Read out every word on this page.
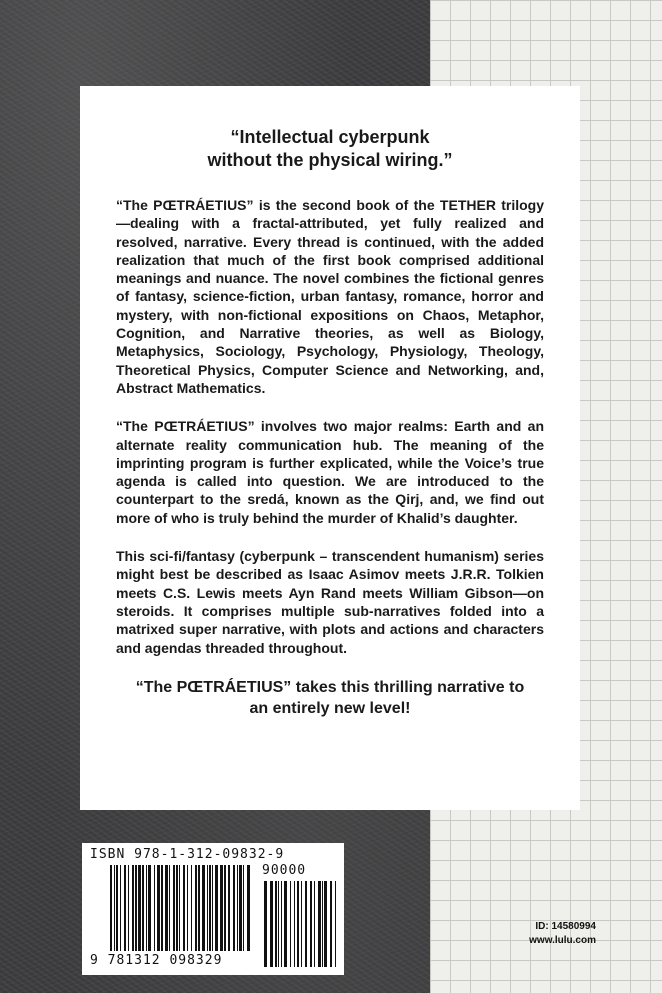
“Intellectual cyberpunk
without the physical wiring.”

“The PŒTRÁETIUS” is the second book of the TETHER trilogy—dealing with a fractal-attributed, yet fully realized and resolved, narrative. Every thread is continued, with the added realization that much of the first book comprised additional meanings and nuance. The novel combines the fictional genres of fantasy, science-fiction, urban fantasy, romance, horror and mystery, with non-fictional expositions on Chaos, Metaphor, Cognition, and Narrative theories, as well as Biology, Metaphysics, Sociology, Psychology, Physiology, Theology, Theoretical Physics, Computer Science and Networking, and, Abstract Mathematics.

“The PŒTRÁETIUS” involves two major realms: Earth and an alternate reality communication hub. The meaning of the imprinting program is further explicated, while the Voice’s true agenda is called into question. We are introduced to the counterpart to the sredá, known as the Qirj, and, we find out more of who is truly behind the murder of Khalid’s daughter.

This sci-fi/fantasy (cyberpunk – transcendent humanism) series might best be described as Isaac Asimov meets J.R.R. Tolkien meets C.S. Lewis meets Ayn Rand meets William Gibson—on steroids. It comprises multiple sub-narratives folded into a matrixed super narrative, with plots and actions and characters and agendas threaded throughout.

“The PŒTRÁETIUS” takes this thrilling narrative to
an entirely new level!
ISBN 978-1-312-09832-9
90000
9 781312 098329
ID: 14580994
www.lulu.com
